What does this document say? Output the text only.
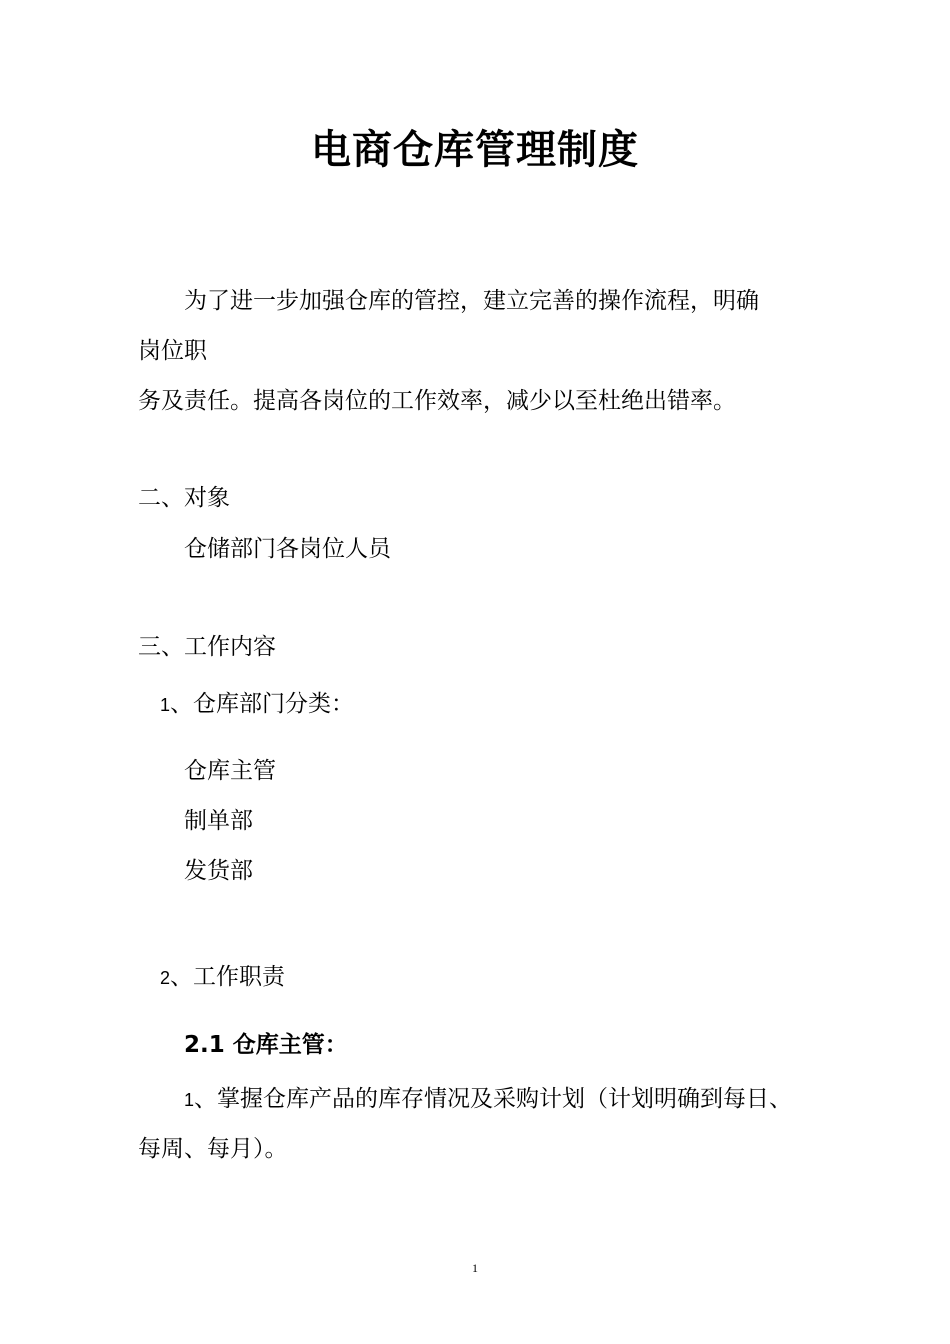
电商仓库管理制度
为了进一步加强仓库的管控，建立完善的操作流程，明确
岗位职
务及责任。提高各岗位的工作效率，减少以至杜绝出错率。
二、对象
仓储部门各岗位人员
三、工作内容
1、仓库部门分类：
仓库主管
制单部
发货部
2、工作职责
2.1 仓库主管：
1、掌握仓库产品的库存情况及采购计划（计划明确到每日、
每周、每月）。
1
